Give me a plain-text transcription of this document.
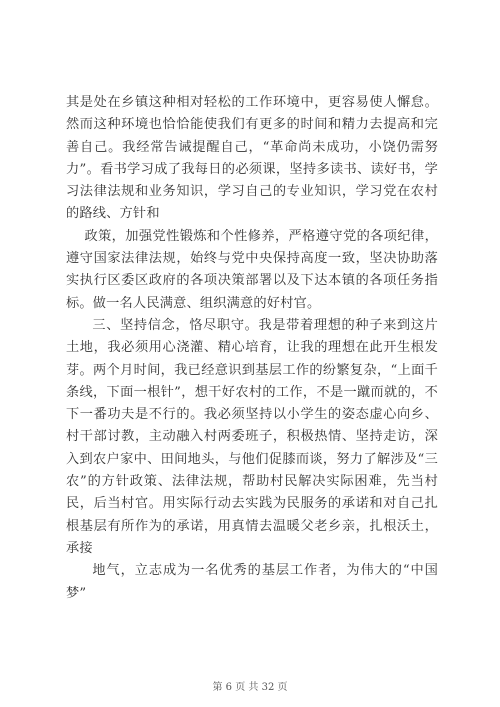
其是处在乡镇这种相对轻松的工作环境中，更容易使人懈怠。然而这种环境也恰恰能使我们有更多的时间和精力去提高和完善自己。我经常告诫提醒自己，“革命尚未成功，小饶仍需努力”。看书学习成了我每日的必须课，坚持多读书、读好书，学习法律法规和业务知识，学习自己的专业知识，学习党在农村的路线、方针和

政策，加强党性锻炼和个性修养，严格遵守党的各项纪律，遵守国家法律法规，始终与党中央保持高度一致，坚决协助落实执行区委区政府的各项决策部署以及下达本镇的各项任务指标。做一名人民满意、组织满意的好村官。

三、坚持信念，恪尽职守。我是带着理想的种子来到这片土地，我必须用心浇灌、精心培育，让我的理想在此开生根发芽。两个月时间，我已经意识到基层工作的纷繁复杂，“上面千条线，下面一根针”，想干好农村的工作，不是一蹴而就的，不下一番功夫是不行的。我必须坚持以小学生的姿态虚心向乡、村干部讨教，主动融入村两委班子，积极热情、坚持走访，深入到农户家中、田间地头，与他们促膝而谈，努力了解涉及“三农”的方针政策、法律法规，帮助村民解决实际困难，先当村民，后当村官。用实际行动去实践为民服务的承诺和对自己扎根基层有所作为的承诺，用真情去温暖父老乡亲，扎根沃土，承接

地气，立志成为一名优秀的基层工作者，为伟大的“中国梦”

第 6 页 共 32 页
